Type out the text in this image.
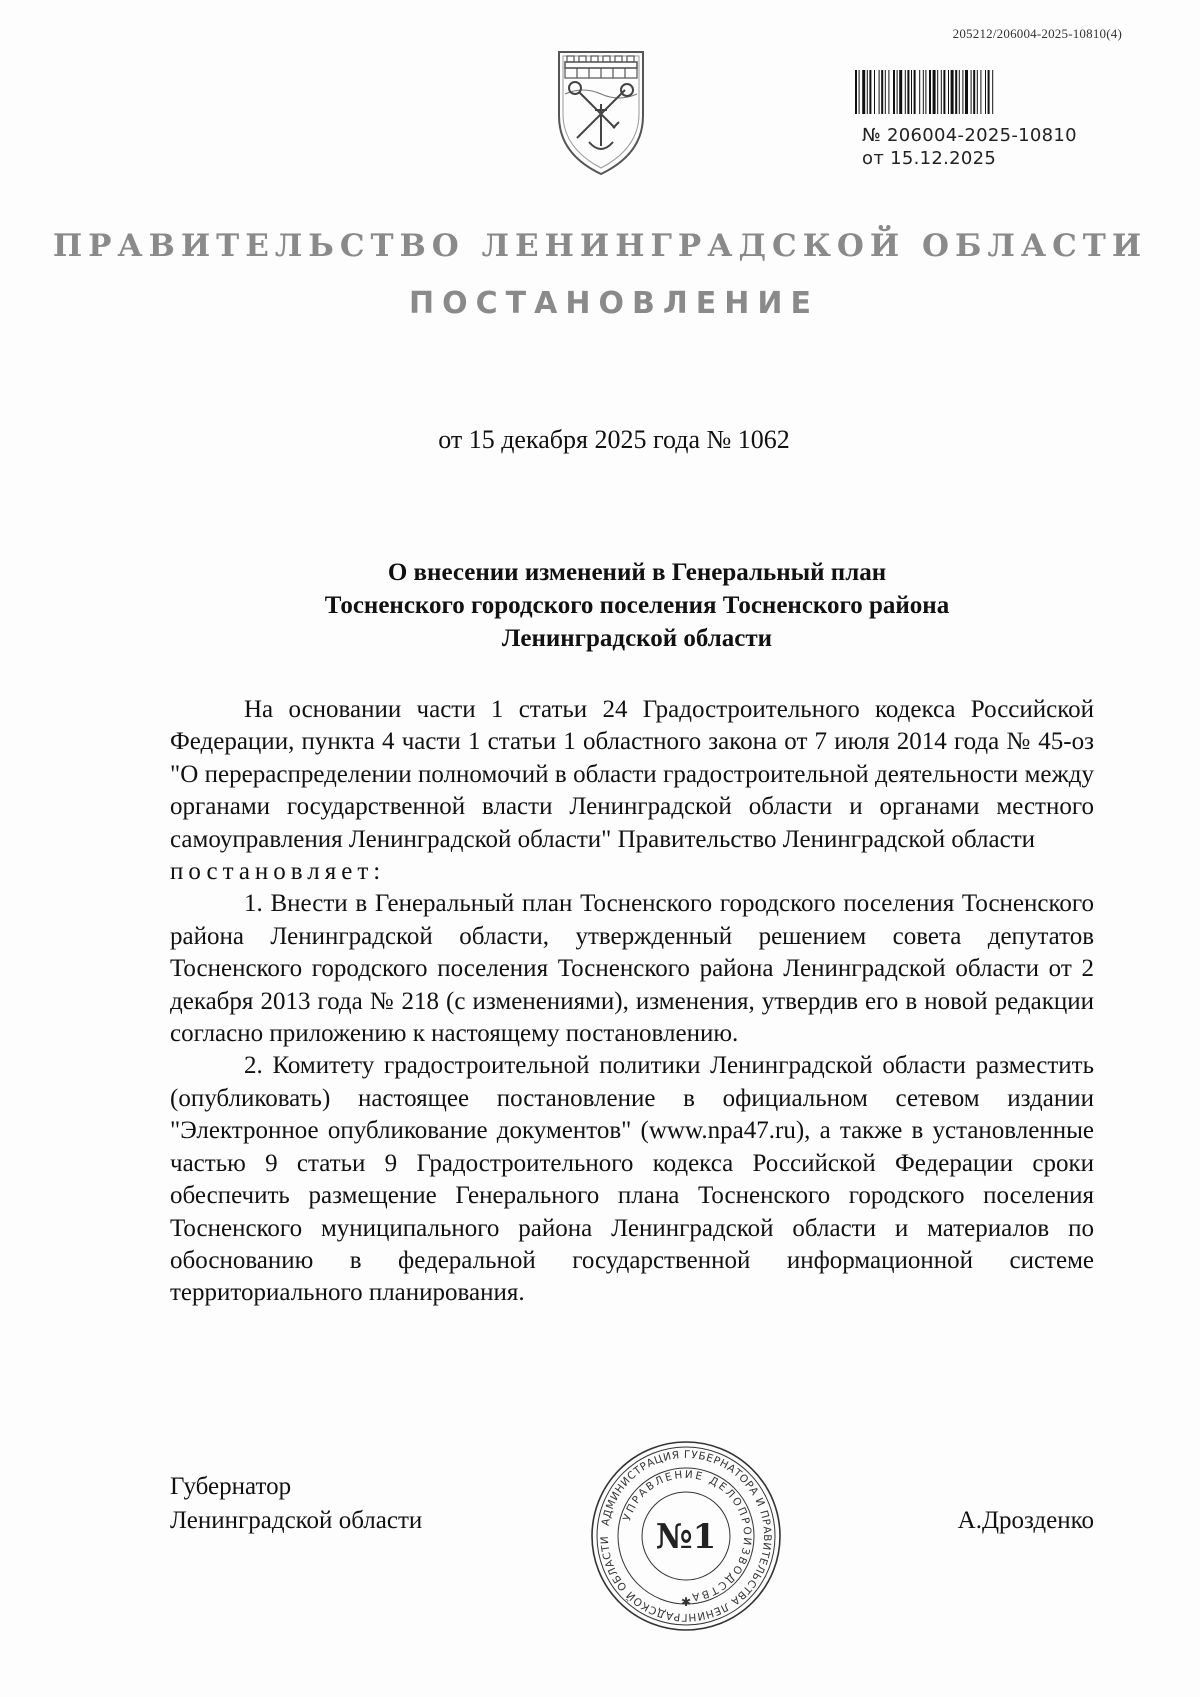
205212/206004-2025-10810(4)
№ 206004-2025-10810
от 15.12.2025
ПРАВИТЕЛЬСТВО ЛЕНИНГРАДСКОЙ ОБЛАСТИ
ПОСТАНОВЛЕНИЕ
от 15 декабря 2025 года № 1062
О внесении изменений в Генеральный план
Тосненского городского поселения Тосненского района
Ленинградской области

На основании части 1 статьи 24 Градостроительного кодекса Российской Федерации, пункта 4 части 1 статьи 1 областного закона от 7 июля 2014 года № 45-оз "О перераспределении полномочий в области градостроительной деятельности между органами государственной власти Ленинградской области и органами местного самоуправления Ленинградской области" Правительство Ленинградской области

постановляет:

1. Внести в Генеральный план Тосненского городского поселения Тосненского района Ленинградской области, утвержденный решением совета депутатов Тосненского городского поселения Тосненского района Ленинградской области от 2 декабря 2013 года № 218 (с изменениями), изменения, утвердив его в новой редакции согласно приложению к настоящему постановлению.

2. Комитету градостроительной политики Ленинградской области разместить (опубликовать) настоящее постановление в официальном сетевом издании "Электронное опубликование документов" (www.npa47.ru), а также в установленные частью 9 статьи 9 Градостроительного кодекса Российской Федерации сроки обеспечить размещение Генерального плана Тосненского городского поселения Тосненского муниципального района Ленинградской области и материалов по обоснованию в федеральной государственной информационной системе территориального планирования.

Губернатор
Ленинградской области	АДМИНИСТРАЦИЯ ГУБЕРНАТОРА И ПРАВИТЕЛЬСТВА ЛЕНИНГРАДСКОЙ ОБЛАСТИ
УПРАВЛЕНИЕ ДЕЛОПРОИЗВОДСТВА
№1
✱
А.Дрозденко
